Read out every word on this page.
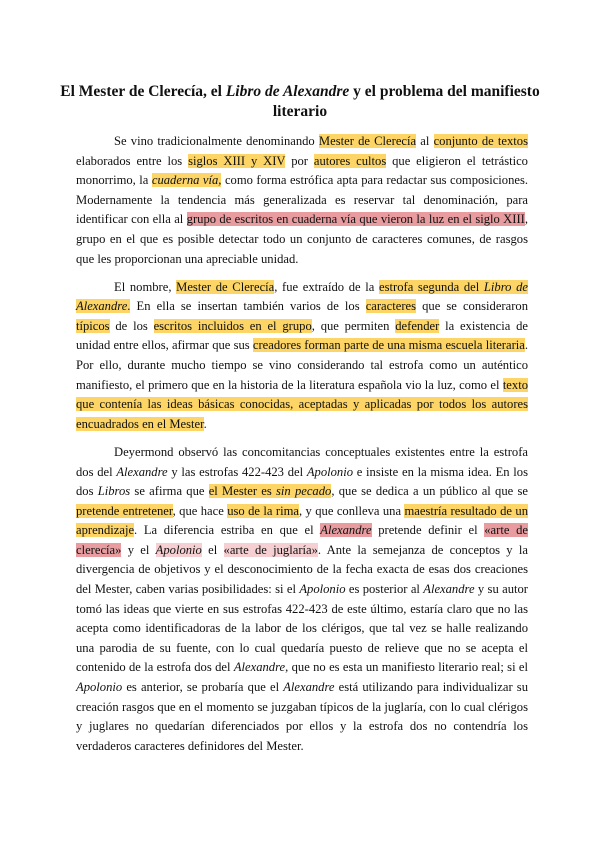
El Mester de Clerecía, el Libro de Alexandre y el problema del manifiesto literario

Se vino tradicionalmente denominando Mester de Clerecía al conjunto de textos elaborados entre los siglos XIII y XIV por autores cultos que eligieron el tetrástico monorrimo, la cuaderna vía, como forma estrófica apta para redactar sus composiciones. Modernamente la tendencia más generalizada es reservar tal denominación, para identificar con ella al grupo de escritos en cuaderna vía que vieron la luz en el siglo XIII, grupo en el que es posible detectar todo un conjunto de caracteres comunes, de rasgos que les proporcionan una apreciable unidad.

El nombre, Mester de Clerecía, fue extraído de la estrofa segunda del Libro de Alexandre. En ella se insertan también varios de los caracteres que se consideraron típicos de los escritos incluidos en el grupo, que permiten defender la existencia de unidad entre ellos, afirmar que sus creadores forman parte de una misma escuela literaria. Por ello, durante mucho tiempo se vino considerando tal estrofa como un auténtico manifiesto, el primero que en la historia de la literatura española vio la luz, como el texto que contenía las ideas básicas conocidas, aceptadas y aplicadas por todos los autores encuadrados en el Mester.

Deyermond observó las concomitancias conceptuales existentes entre la estrofa dos del Alexandre y las estrofas 422-423 del Apolonio e insiste en la misma idea. En los dos Libros se afirma que el Mester es sin pecado, que se dedica a un público al que se pretende entretener, que hace uso de la rima, y que conlleva una maestría resultado de un aprendizaje. La diferencia estriba en que el Alexandre pretende definir el «arte de clerecía» y el Apolonio el «arte de juglaría». Ante la semejanza de conceptos y la divergencia de objetivos y el desconocimiento de la fecha exacta de esas dos creaciones del Mester, caben varias posibilidades: si el Apolonio es posterior al Alexandre y su autor tomó las ideas que vierte en sus estrofas 422-423 de este último, estaría claro que no las acepta como identificadoras de la labor de los clérigos, que tal vez se halle realizando una parodia de su fuente, con lo cual quedaría puesto de relieve que no se acepta el contenido de la estrofa dos del Alexandre, que no es esta un manifiesto literario real; si el Apolonio es anterior, se probaría que el Alexandre está utilizando para individualizar su creación rasgos que en el momento se juzgaban típicos de la juglaría, con lo cual clérigos y juglares no quedarían diferenciados por ellos y la estrofa dos no contendría los verdaderos caracteres definidores del Mester.
